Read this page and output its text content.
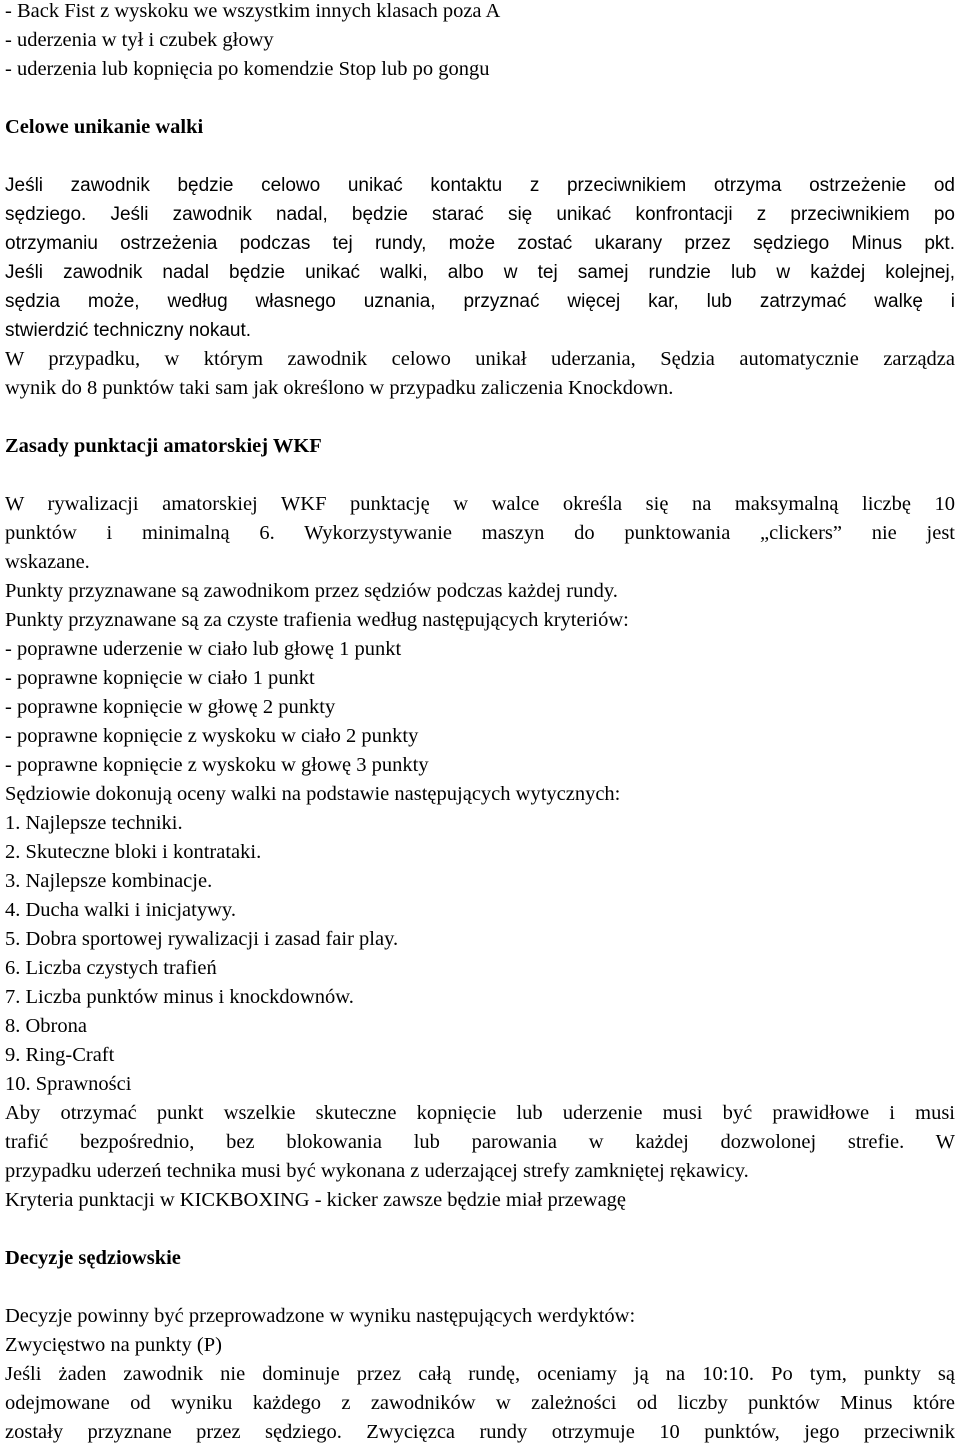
- Back Fist z wyskoku we wszystkim innych klasach poza A
- uderzenia w tył i czubek głowy
- uderzenia lub kopnięcia po komendzie Stop lub po gongu
Celowe unikanie walki
Jeśli zawodnik będzie celowo unikać kontaktu z przeciwnikiem otrzyma ostrzeżenie od
sędziego. Jeśli zawodnik nadal, będzie starać się unikać konfrontacji z przeciwnikiem po
otrzymaniu ostrzeżenia podczas tej rundy, może zostać ukarany przez sędziego Minus pkt.
Jeśli zawodnik nadal będzie unikać walki, albo w tej samej rundzie lub w każdej kolejnej,
sędzia może, według własnego uznania, przyznać więcej kar, lub zatrzymać walkę i
stwierdzić techniczny nokaut.
W przypadku, w którym zawodnik celowo unikał uderzania, Sędzia automatycznie zarządza
wynik do 8 punktów taki sam jak określono w przypadku zaliczenia Knockdown.
Zasady punktacji amatorskiej WKF
W rywalizacji amatorskiej WKF punktację w walce określa się na maksymalną liczbę 10
punktów i minimalną 6. Wykorzystywanie maszyn do punktowania „clickers” nie jest
wskazane.
Punkty przyznawane są zawodnikom przez sędziów podczas każdej rundy.
Punkty przyznawane są za czyste trafienia według następujących kryteriów:
- poprawne uderzenie w ciało lub głowę 1 punkt
- poprawne kopnięcie w ciało 1 punkt
- poprawne kopnięcie w głowę 2 punkty
- poprawne kopnięcie z wyskoku w ciało 2 punkty
- poprawne kopnięcie z wyskoku w głowę 3 punkty
Sędziowie dokonują oceny walki na podstawie następujących wytycznych:
1. Najlepsze techniki.
2. Skuteczne bloki i kontrataki.
3. Najlepsze kombinacje.
4. Ducha walki i inicjatywy.
5. Dobra sportowej rywalizacji i zasad fair play.
6. Liczba czystych trafień
7. Liczba punktów minus i knockdownów.
8. Obrona
9. Ring-Craft
10. Sprawności
Aby otrzymać punkt wszelkie skuteczne kopnięcie lub uderzenie musi być prawidłowe i musi
trafić bezpośrednio, bez blokowania lub parowania w każdej dozwolonej strefie. W
przypadku uderzeń technika musi być wykonana z uderzającej strefy zamkniętej rękawicy.
Kryteria punktacji w KICKBOXING - kicker zawsze będzie miał przewagę
Decyzje sędziowskie
Decyzje powinny być przeprowadzone w wyniku następujących werdyktów:
Zwycięstwo na punkty (P)
Jeśli żaden zawodnik nie dominuje przez całą rundę, oceniamy ją na 10:10. Po tym, punkty są
odejmowane od wyniku każdego z zawodników w zależności od liczby punktów Minus które
zostały przyznane przez sędziego. Zwycięzca rundy otrzymuje 10 punktów, jego przeciwnik
